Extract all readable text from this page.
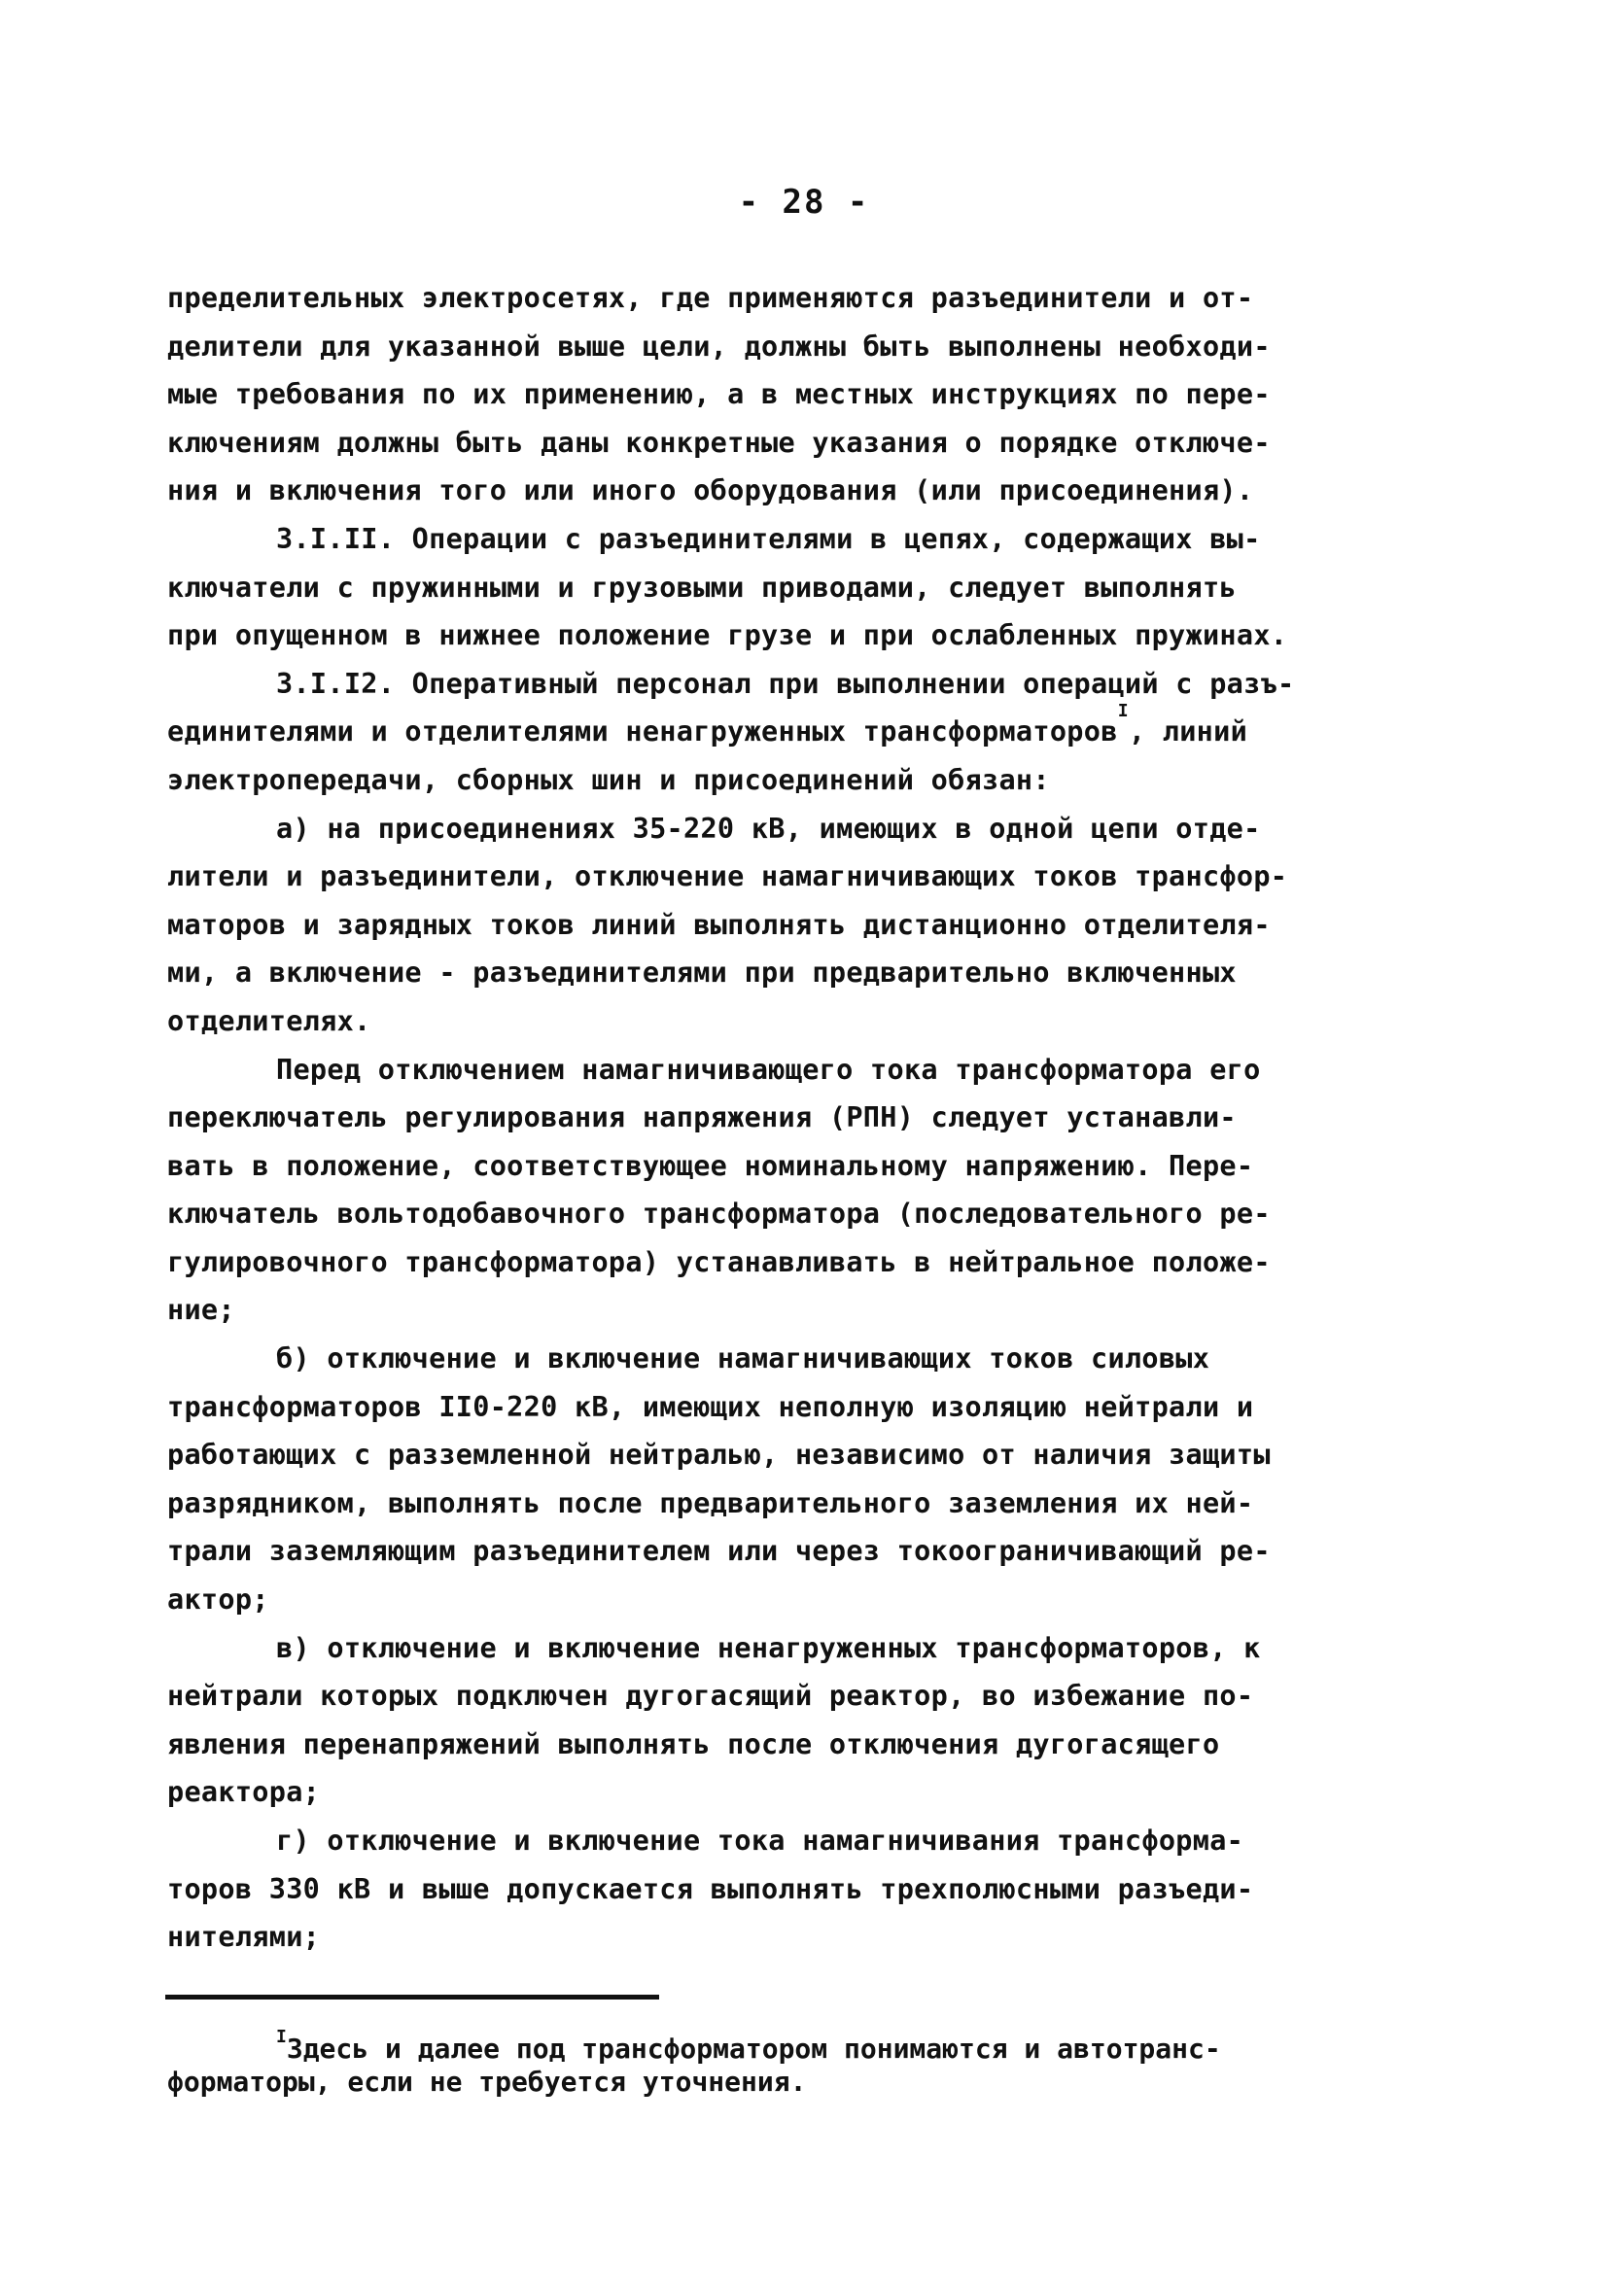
- 28 -
пределительных электросетях, где применяются разъединители и от-
делители для указанной выше цели, должны быть выполнены необходи-
мые требования по их применению, а в местных инструкциях по пере-
ключениям должны быть даны конкретные указания о порядке отключе-
ния и включения того или иного оборудования (или присоединения).
3.I.II. Операции с разъединителями в цепях, содержащих вы-
ключатели с пружинными и грузовыми приводами, следует выполнять
при опущенном в нижнее положение грузе и при ослабленных пружинах.
3.I.I2. Оперативный персонал при выполнении операций с разъ-
единителями и отделителями ненагруженных трансформаторов$^I$, линий
электропередачи, сборных шин и присоединений обязан:
а) на присоединениях 35-220 кВ, имеющих в одной цепи отде-
лители и разъединители, отключение намагничивающих токов трансфор-
маторов и зарядных токов линий выполнять дистанционно отделителя-
ми, а включение - разъединителями при предварительно включенных
отделителях.
Перед отключением намагничивающего тока трансформатора его
переключатель регулирования напряжения (РПН) следует устанавли-
вать в положение, соответствующее номинальному напряжению. Пере-
ключатель вольтодобавочного трансформатора (последовательного ре-
гулировочного трансформатора) устанавливать в нейтральное положе-
ние;
б) отключение и включение намагничивающих токов силовых
трансформаторов II0-220 кВ, имеющих неполную изоляцию нейтрали и
работающих с разземленной нейтралью, независимо от наличия защиты
разрядником, выполнять после предварительного заземления их ней-
трали заземляющим разъединителем или через токоограничивающий ре-
актор;
в) отключение и включение ненагруженных трансформаторов, к
нейтрали которых подключен дугогасящий реактор, во избежание по-
явления перенапряжений выполнять после отключения дугогасящего
реактора;
г) отключение и включение тока намагничивания трансформа-
торов 330 кВ и выше допускается выполнять трехполюсными разъеди-
нителями;
$^I$Здесь и далее под трансформатором понимаются и автотранс-
форматоры, если не требуется уточнения.
